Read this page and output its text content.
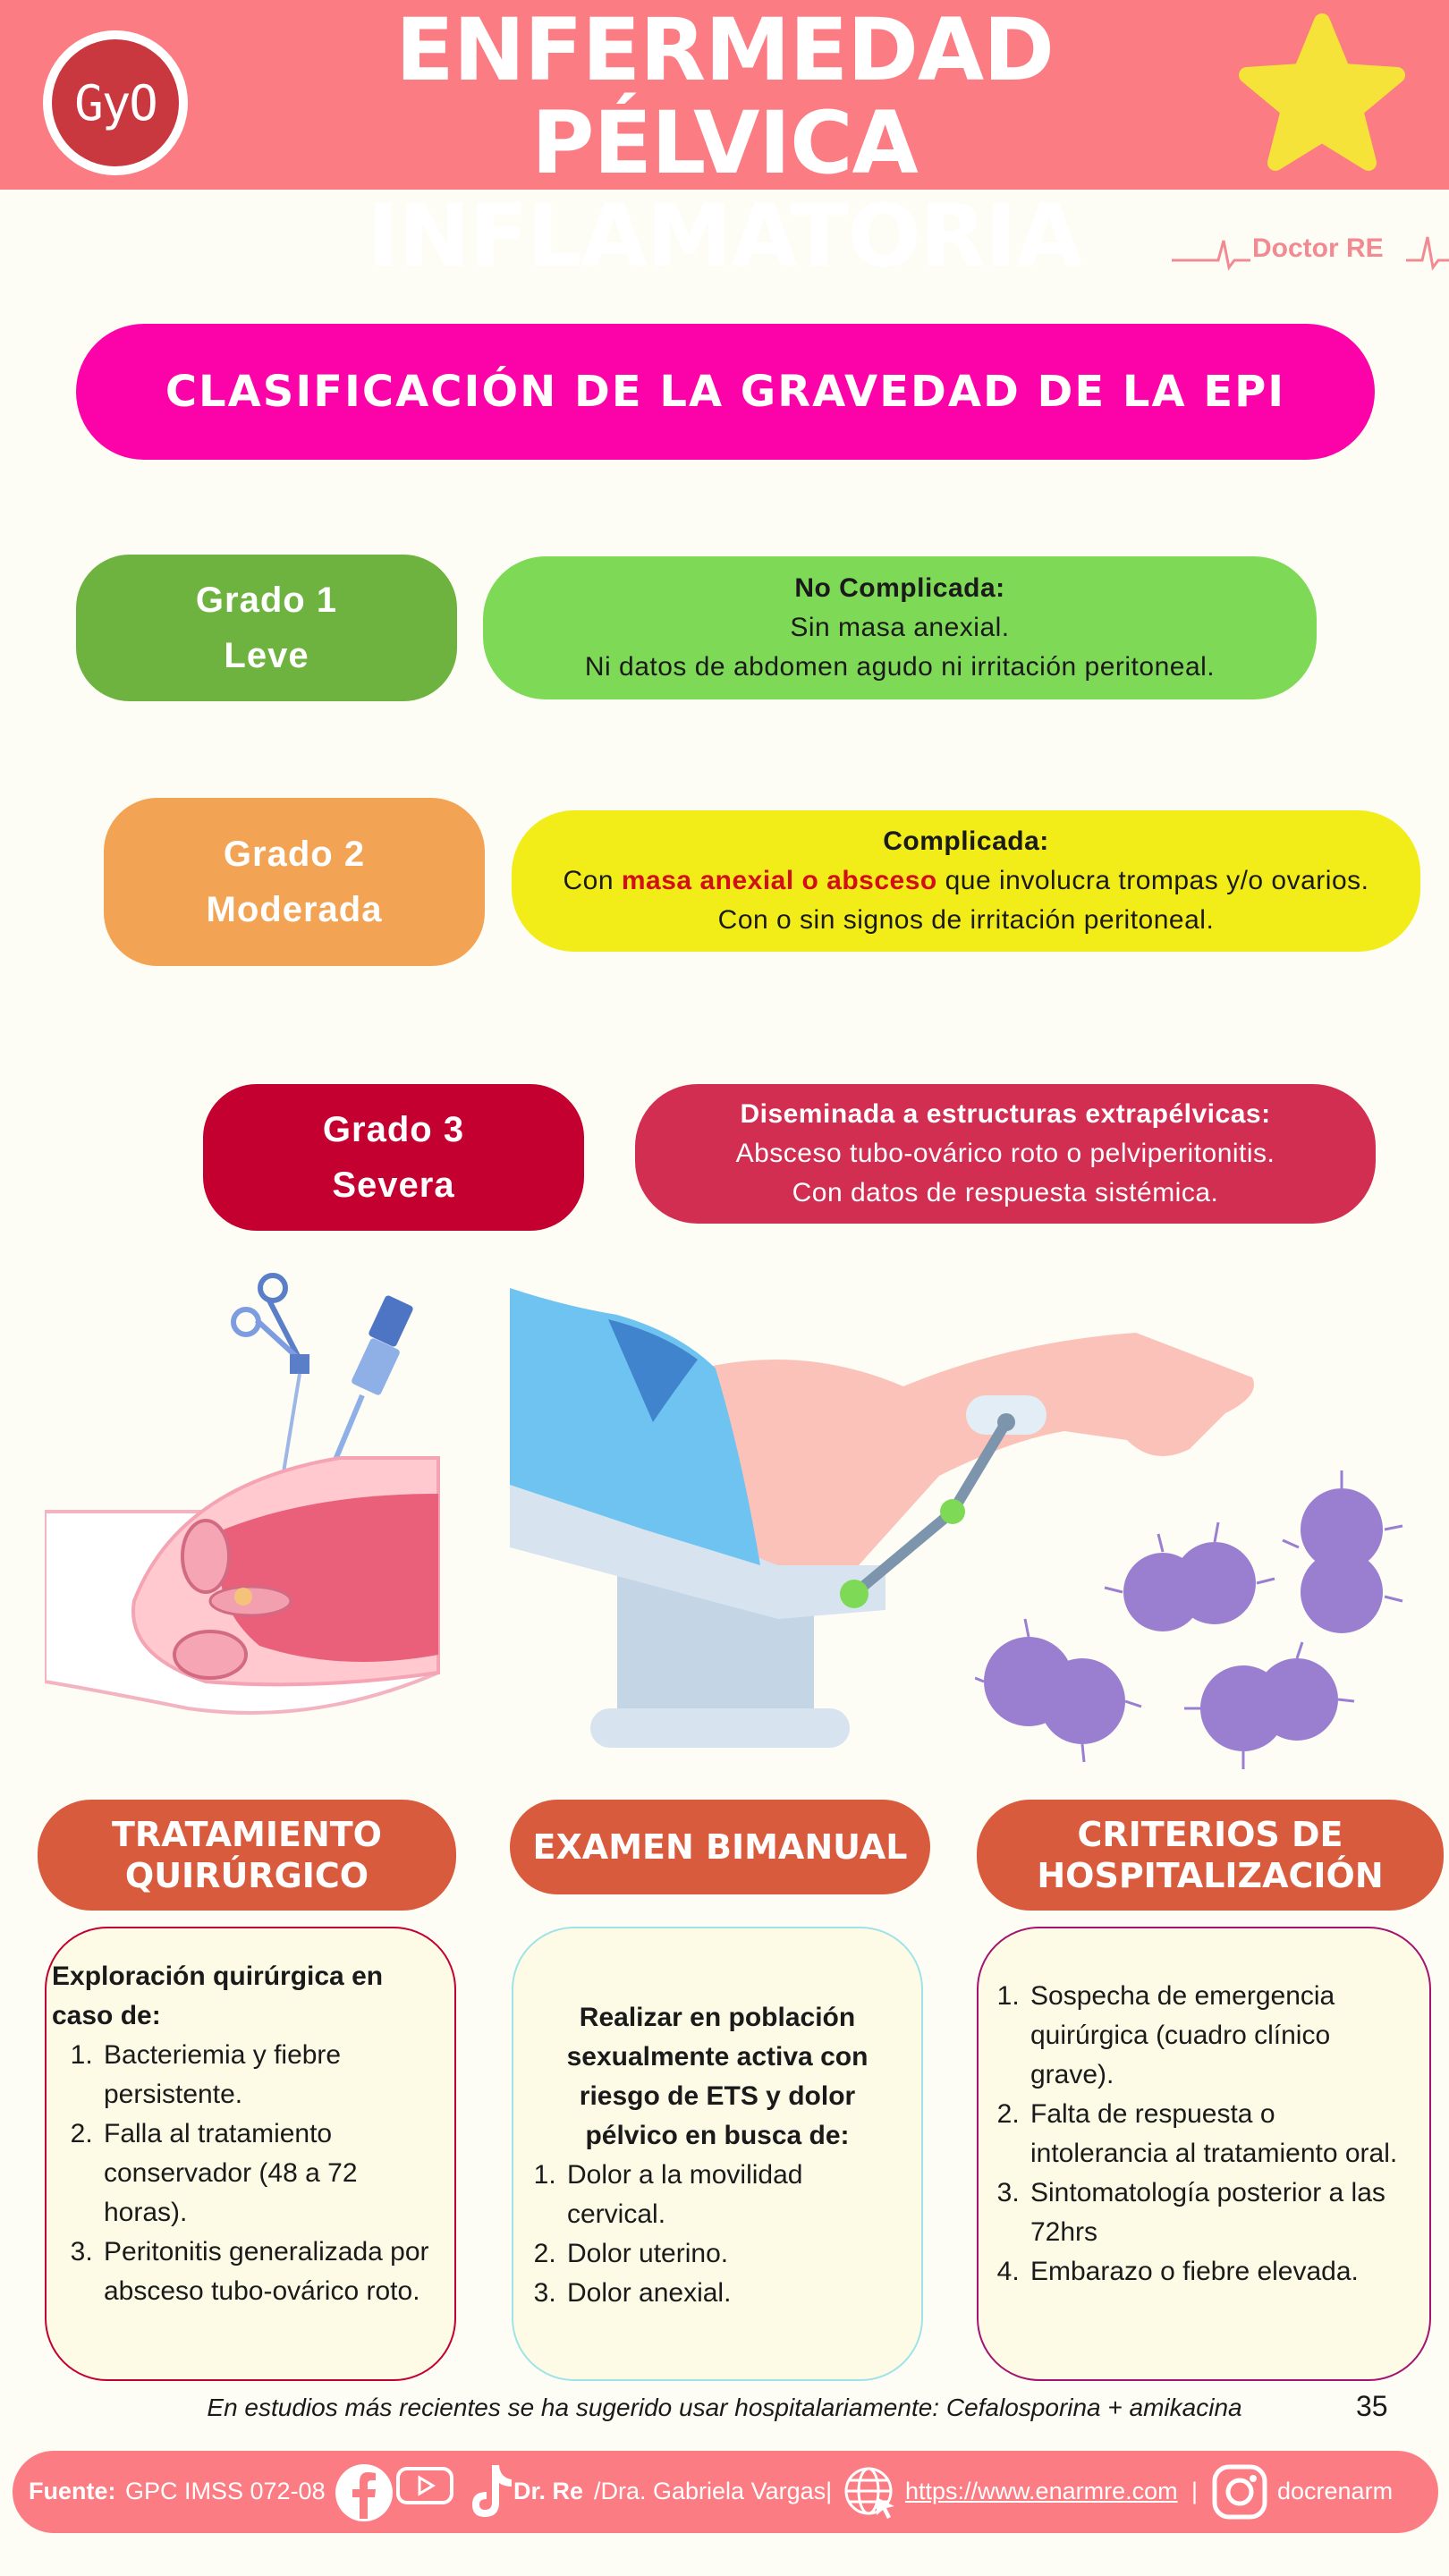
GyO
ENFERMEDAD PÉLVICA
INFLAMATORIA	Doctor RE
CLASIFICACIÓN DE LA GRAVEDAD DE LA EPI
Grado 1
Leve
No Complicada:
Sin masa anexial.
Ni datos de abdomen agudo ni irritación peritoneal.
Grado 2
Moderada
Complicada:
Con masa anexial o absceso que involucra trompas y/o ovarios.
Con o sin signos de irritación peritoneal.
Grado 3
Severa
Diseminada a estructuras extrapélvicas:
Absceso tubo-ovárico roto o pelviperitonitis.
Con datos de respuesta sistémica.
TRATAMIENTO
QUIRÚRGICO
EXAMEN BIMANUAL	CRITERIOS DE
HOSPITALIZACIÓN
Exploración quirúrgica en caso de:
1. Bacteriemia y fiebre persistente.
2. Falla al tratamiento conservador (48 a 72 horas).
3. Peritonitis generalizada por absceso tubo-ovárico roto.
Realizar en población sexualmente activa con riesgo de ETS y dolor pélvico en busca de:
1. Dolor a la movilidad cervical.
2. Dolor uterino.
3. Dolor anexial.
1. Sospecha de emergencia quirúrgica (cuadro clínico grave).
2. Falta de respuesta o intolerancia al tratamiento oral.
3. Sintomatología posterior a las 72hrs
4. Embarazo o fiebre elevada.
En estudios más recientes se ha sugerido usar hospitalariamente: Cefalosporina + amikacina	35
Fuente: GPC IMSS 072-08	Dr. Re /Dra. Gabriela Vargas|	https://www.enarmre.com |	docrenarm
